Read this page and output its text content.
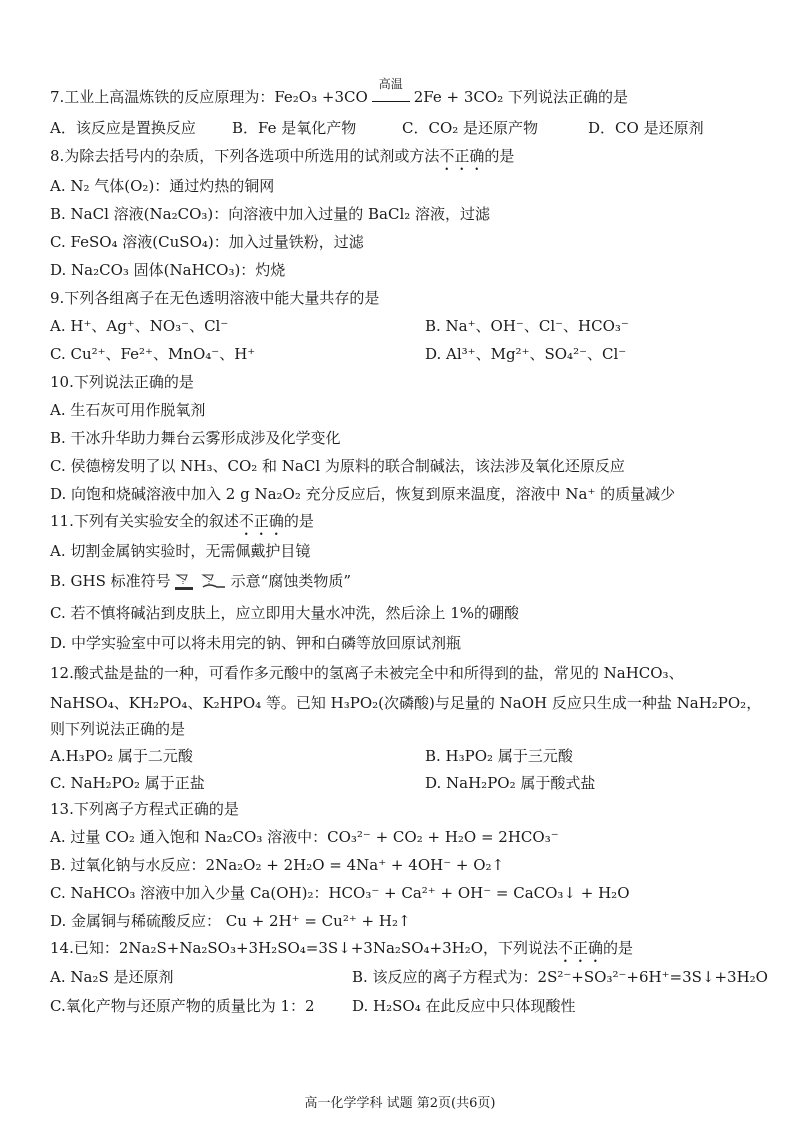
7.工业上高温炼铁的反应原理为：Fe₂O₃ +3CO
高温
2Fe + 3CO₂ 下列说法正确的是
A．该反应是置换反应 B．Fe 是氧化产物	C．CO₂ 是还原产物	D．CO 是还原剂
8.为除去括号内的杂质，下列各选项中所选用的试剂或方法不正确的是
A. N₂ 气体(O₂)：通过灼热的铜网
B. NaCl 溶液(Na₂CO₃)：向溶液中加入过量的 BaCl₂ 溶液，过滤
C. FeSO₄ 溶液(CuSO₄)：加入过量铁粉，过滤
D. Na₂CO₃ 固体(NaHCO₃)：灼烧
9.下列各组离子在无色透明溶液中能大量共存的是
A. H⁺、Ag⁺、NO₃⁻、Cl⁻	B. Na⁺、OH⁻、Cl⁻、HCO₃⁻
C. Cu²⁺、Fe²⁺、MnO₄⁻、H⁺	D. Al³⁺、Mg²⁺、SO₄²⁻、Cl⁻
10.下列说法正确的是
A. 生石灰可用作脱氧剂
B. 干冰升华助力舞台云雾形成涉及化学变化
C. 侯德榜发明了以 NH₃、CO₂ 和 NaCl 为原料的联合制碱法，该法涉及氧化还原反应
D. 向饱和烧碱溶液中加入 2 g Na₂O₂ 充分反应后，恢复到原来温度，溶液中 Na⁺ 的质量减少
11.下列有关实验安全的叙述不正确的是
A. 切割金属钠实验时，无需佩戴护目镜
B. GHS 标准符号	示意“腐蚀类物质”
C. 若不慎将碱沾到皮肤上，应立即用大量水冲洗，然后涂上 1%的硼酸
D. 中学实验室中可以将未用完的钠、钾和白磷等放回原试剂瓶
12.酸式盐是盐的一种，可看作多元酸中的氢离子未被完全中和所得到的盐，常见的 NaHCO₃、
NaHSO₄、KH₂PO₄、K₂HPO₄ 等。已知 H₃PO₂(次磷酸)与足量的 NaOH 反应只生成一种盐 NaH₂PO₂，
则下列说法正确的是
A.H₃PO₂ 属于二元酸	B. H₃PO₂ 属于三元酸
C. NaH₂PO₂ 属于正盐	D. NaH₂PO₂ 属于酸式盐
13.下列离子方程式正确的是
A. 过量 CO₂ 通入饱和 Na₂CO₃ 溶液中：CO₃²⁻ + CO₂ + H₂O = 2HCO₃⁻
B. 过氧化钠与水反应：2Na₂O₂ + 2H₂O = 4Na⁺ + 4OH⁻ + O₂↑
C. NaHCO₃ 溶液中加入少量 Ca(OH)₂：HCO₃⁻ + Ca²⁺ + OH⁻ = CaCO₃↓ + H₂O
D. 金属铜与稀硫酸反应： Cu + 2H⁺ = Cu²⁺ + H₂↑
14.已知：2Na₂S+Na₂SO₃+3H₂SO₄=3S↓+3Na₂SO₄+3H₂O，下列说法不正确的是
A. Na₂S 是还原剂	B. 该反应的离子方程式为：2S²⁻+SO₃²⁻+6H⁺=3S↓+3H₂O
C.氧化产物与还原产物的质量比为 1：2 D. H₂SO₄ 在此反应中只体现酸性
高一化学学科 试题 第2页(共6页)
